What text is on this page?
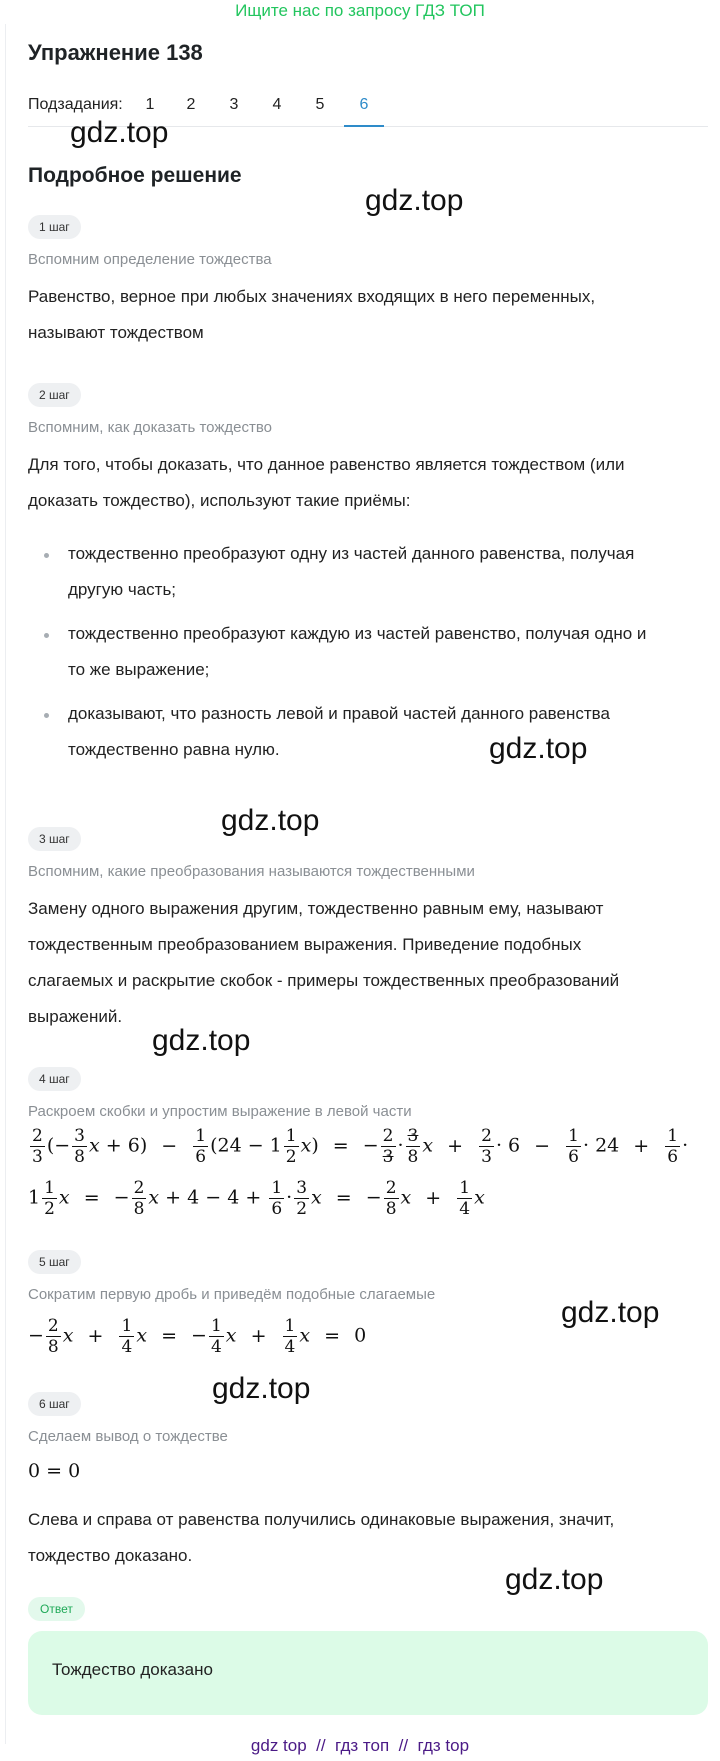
Ищите нас по запросу ГДЗ ТОП
Упражнение 138
Подзадания:	1	2	3	4	5	6
gdz.top
Подробное решение
gdz.top
1 шаг
Вспомним определение тождества
Равенство, верное при любых значениях входящих в него переменных,
называют тождеством
2 шаг
Вспомним, как доказать тождество
Для того, чтобы доказать, что данное равенство является тождеством (или
доказать тождество), используют такие приёмы:
тождественно преобразуют одну из частей данного равенства, получая
другую часть;
тождественно преобразуют каждую из частей равенство, получая одно и
то же выражение;
доказывают, что разность левой и правой частей данного равенства
тождественно равна нулю.	gdz.top
gdz.top
3 шаг
Вспомним, какие преобразования называются тождественными
Замену одного выражения другим, тождественно равным ему, называют
тождественным преобразованием выражения. Приведение подобных
слагаемых и раскрытие скобок - примеры тождественных преобразований
выражений.
gdz.top
4 шаг
Раскроем скобки и упростим выражение в левой части
$\frac{2}{3}$ (− $\frac{3}{8}$ $x + 6) - \frac{1}{6} (24 - 1 \frac{1}{2} x)$ = − $\frac{2}{3} \cdot \frac{3}{8}$ $x + \frac{2}{3} \cdot 6 - \frac{1}{6} \cdot 24 + \frac{1}{6}$ ·
$1 \frac{1}{2}$ x = − $\frac{2}{8}$ $x + 4 - 4 + \frac{1}{6} \cdot \frac{3}{2}$ x = − $\frac{2}{8}$ $x + \frac{1}{4}$ x
5 шаг
Сократим первую дробь и приведём подобные слагаемые
gdz.top
− $\frac{2}{8}$ $x + \frac{1}{4}$ x = − $\frac{1}{4}$ $x + \frac{1}{4}$ x = 0
gdz.top
6 шаг
Сделаем вывод о тождестве
0 = 0
Слева и справа от равенства получились одинаковые выражения, значит,
тождество доказано.
gdz.top
Ответ
Тождество доказано
gdz top // гдз топ // гдз top
